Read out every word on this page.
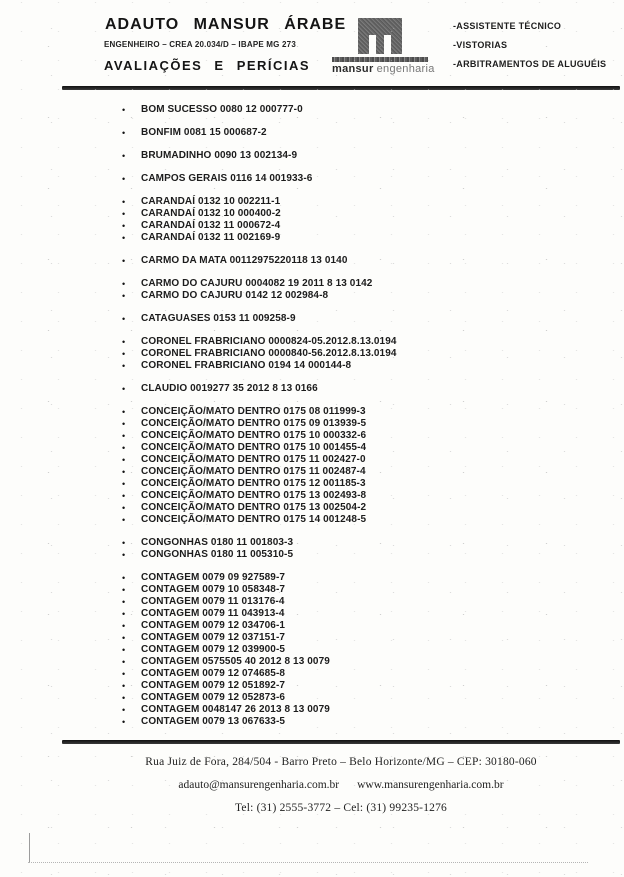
ADAUTO MANSUR ÁRABE
ENGENHEIRO – CREA 20.034/D – IBAPE MG 273
AVALIAÇÕES E PERÍCIAS mansur engenharia
-ASSISTENTE TÉCNICO
-VISTORIAS
-ARBITRAMENTOS DE ALUGUÉIS
•	BOM SUCESSO 0080 12 000777-0
•	BONFIM 0081 15 000687-2
•	BRUMADINHO 0090 13 002134-9
•	CAMPOS GERAIS 0116 14 001933-6
•	CARANDAÍ 0132 10 002211-1
•	CARANDAÍ 0132 10 000400-2
•	CARANDAÍ 0132 11 000672-4
•	CARANDAÍ 0132 11 002169-9
•	CARMO DA MATA 00112975220118 13 0140
•	CARMO DO CAJURU 0004082 19 2011 8 13 0142
•	CARMO DO CAJURU 0142 12 002984-8
•	CATAGUASES 0153 11 009258-9
•	CORONEL FRABRICIANO 0000824-05.2012.8.13.0194
•	CORONEL FRABRICIANO 0000840-56.2012.8.13.0194
•	CORONEL FRABRICIANO 0194 14 000144-8
•	CLAUDIO 0019277 35 2012 8 13 0166
•	CONCEIÇÃO/MATO DENTRO 0175 08 011999-3
•	CONCEIÇÃO/MATO DENTRO 0175 09 013939-5
•	CONCEIÇÃO/MATO DENTRO 0175 10 000332-6
•	CONCEIÇÃO/MATO DENTRO 0175 10 001455-4
•	CONCEIÇÃO/MATO DENTRO 0175 11 002427-0
•	CONCEIÇÃO/MATO DENTRO 0175 11 002487-4
•	CONCEIÇÃO/MATO DENTRO 0175 12 001185-3
•	CONCEIÇÃO/MATO DENTRO 0175 13 002493-8
•	CONCEIÇÃO/MATO DENTRO 0175 13 002504-2
•	CONCEIÇÃO/MATO DENTRO 0175 14 001248-5
•	CONGONHAS 0180 11 001803-3
•	CONGONHAS 0180 11 005310-5
•	CONTAGEM 0079 09 927589-7
•	CONTAGEM 0079 10 058348-7
•	CONTAGEM 0079 11 013176-4
•	CONTAGEM 0079 11 043913-4
•	CONTAGEM 0079 12 034706-1
•	CONTAGEM 0079 12 037151-7
•	CONTAGEM 0079 12 039900-5
•	CONTAGEM 0575505 40 2012 8 13 0079
•	CONTAGEM 0079 12 074685-8
•	CONTAGEM 0079 12 051892-7
•	CONTAGEM 0079 12 052873-6
•	CONTAGEM 0048147 26 2013 8 13 0079
•	CONTAGEM 0079 13 067633-5
Rua Juiz de Fora, 284/504 - Barro Preto – Belo Horizonte/MG – CEP: 30180-060
adauto@mansurengenharia.com.br www.mansurengenharia.com.br
Tel: (31) 2555-3772 – Cel: (31) 99235-1276
